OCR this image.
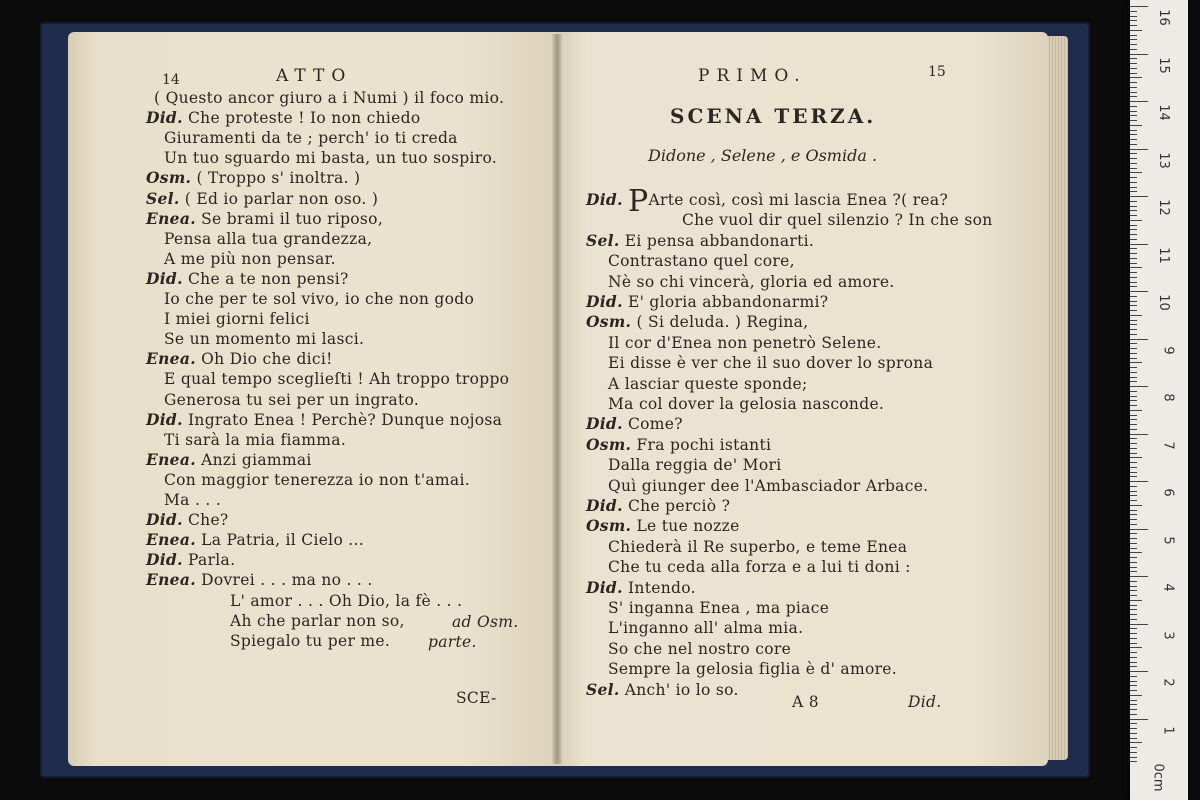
14	ATTO
( Questo ancor giuro a i Numi ) il foco mio.
Did. Che proteste ! Io non chiedo
Giuramenti da te ; perch' io ti creda
Un tuo sguardo mi basta, un tuo sospiro.
Osm. ( Troppo s' inoltra. )
Sel. ( Ed io parlar non oso. )
Enea. Se brami il tuo riposo,
Pensa alla tua grandezza,
A me più non pensar.
Did. Che a te non pensi?
Io che per te sol vivo, io che non godo
I miei giorni felici
Se un momento mi lasci.
Enea. Oh Dio che dici!
E qual tempo sceglieſti ! Ah troppo troppo
Generosa tu sei per un ingrato.
Did. Ingrato Enea ! Perchè? Dunque nojosa
Ti sarà la mia fiamma.
Enea. Anzi giammai
Con maggior tenerezza io non t'amai.
Ma . . .
Did. Che?
Enea. La Patria, il Cielo ...
Did. Parla.
Enea. Dovrei . . . ma no . . .
L' amor . . . Oh Dio, la fè . . .
Ah che parlar non so,
Spiegalo tu per me.
ad Osm.
parte.
SCE-
PRIMO.	15
SCENA TERZA.
Didone , Selene , e Osmida .
Did. PArte così, così mi lascia Enea ?( rea?
Che vuol dir quel silenzio ? In che son
Sel. Ei pensa abbandonarti.
Contrastano quel core,
Nè so chi vincerà, gloria ed amore.
Did. E' gloria abbandonarmi?
Osm. ( Si deluda. ) Regina,
Il cor d'Enea non penetrò Selene.
Ei disse è ver che il suo dover lo sprona
A lasciar queste sponde;
Ma col dover la gelosia nasconde.
Did. Come?
Osm. Fra pochi istanti
Dalla reggia de' Mori
Quì giunger dee l'Ambasciador Arbace.
Did. Che perciò ?
Osm. Le tue nozze
Chiederà il Re superbo, e teme Enea
Che tu ceda alla forza e a lui ti doni :
Did. Intendo.
S' inganna Enea , ma piace
L'inganno all' alma mia.
So che nel nostro core
Sempre la gelosia figlia è d' amore.
Sel. Anch' io lo so.
A 8	Did.
16
15
14
13
12
11
10
9
8
7
6
5
4
3
2
1
0cm
